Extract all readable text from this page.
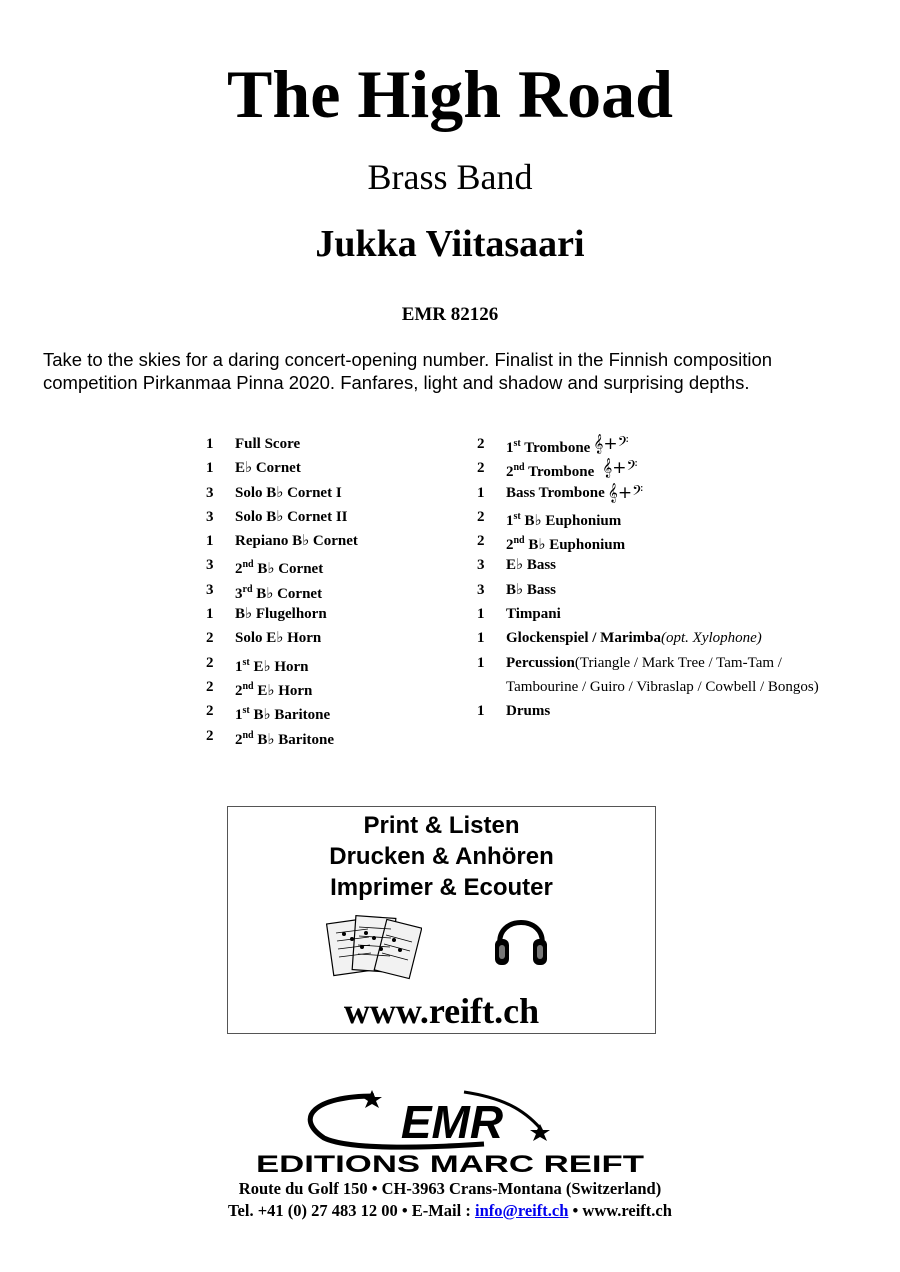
The High Road
Brass Band
Jukka Viitasaari
EMR 82126
Take to the skies for a daring concert-opening number. Finalist in the Finnish composition competition Pirkanmaa Pinna 2020. Fanfares, light and shadow and surprising depths.
1	Full Score
1	E♭ Cornet
3	Solo B♭ Cornet I
3	Solo B♭ Cornet II
1	Repiano B♭ Cornet
3	2nd B♭ Cornet
3	3rd B♭ Cornet
1	B♭ Flugelhorn
2	Solo E♭ Horn
2	1st E♭ Horn
2	2nd E♭ Horn
2	1st B♭ Baritone
2	2nd B♭ Baritone
2	1st Trombone 𝄞+𝄢
2	2nd Trombone 𝄞+𝄢
1	Bass Trombone 𝄞+𝄢
2	1st B♭ Euphonium
2	2nd B♭ Euphonium
3	E♭ Bass
3	B♭ Bass
1	Timpani
1	Glockenspiel / Marimba (opt. Xylophone)
1	Percussion (Triangle / Mark Tree / Tam-Tam /
Tambourine / Guiro / Vibraslap / Cowbell / Bongos)
1	Drums
Print & Listen
Drucken & Anhören
Imprimer & Ecouter
www.reift.ch
EMR
EDITIONS MARC REIFT
Route du Golf 150 • CH-3963 Crans-Montana (Switzerland)
Tel. +41 (0) 27 483 12 00 • E-Mail : info@reift.ch • www.reift.ch
